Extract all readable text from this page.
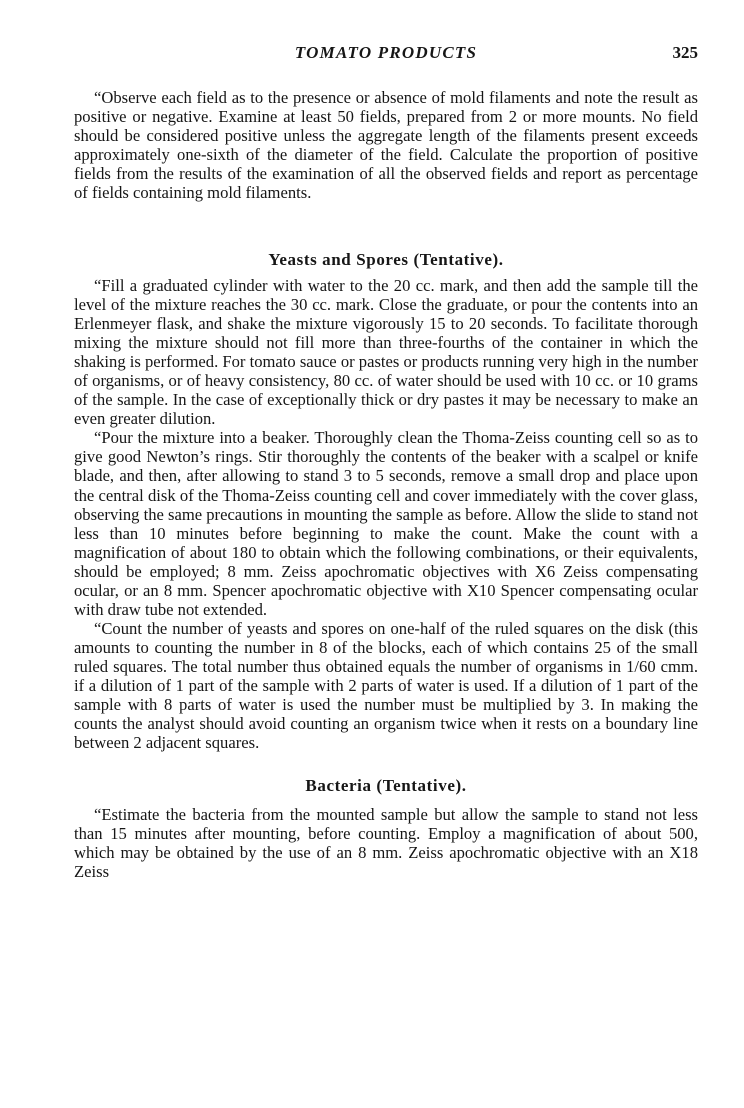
TOMATO PRODUCTS	325

“Observe each field as to the presence or absence of mold filaments and note the result as positive or negative. Examine at least 50 fields, prepared from 2 or more mounts. No field should be considered positive unless the aggregate length of the filaments present exceeds approximately one-sixth of the diameter of the field. Calculate the proportion of positive fields from the results of the examination of all the observed fields and report as percentage of fields containing mold filaments.

Yeasts and Spores (Tentative).

“Fill a graduated cylinder with water to the 20 cc. mark, and then add the sample till the level of the mixture reaches the 30 cc. mark. Close the graduate, or pour the contents into an Erlenmeyer flask, and shake the mixture vigorously 15 to 20 seconds. To facilitate thorough mixing the mixture should not fill more than three-fourths of the container in which the shaking is performed. For tomato sauce or pastes or products running very high in the number of organisms, or of heavy consistency, 80 cc. of water should be used with 10 cc. or 10 grams of the sample. In the case of exceptionally thick or dry pastes it may be necessary to make an even greater dilution.

“Pour the mixture into a beaker. Thoroughly clean the Thoma-Zeiss counting cell so as to give good Newton’s rings. Stir thoroughly the contents of the beaker with a scalpel or knife blade, and then, after allowing to stand 3 to 5 seconds, remove a small drop and place upon the central disk of the Thoma-Zeiss counting cell and cover immediately with the cover glass, observing the same precautions in mounting the sample as before. Allow the slide to stand not less than 10 minutes before beginning to make the count. Make the count with a magnification of about 180 to obtain which the following combinations, or their equivalents, should be employed; 8 mm. Zeiss apochromatic objectives with X6 Zeiss compensating ocular, or an 8 mm. Spencer apochromatic objective with X10 Spencer compensating ocular with draw tube not extended.

“Count the number of yeasts and spores on one-half of the ruled squares on the disk (this amounts to counting the number in 8 of the blocks, each of which contains 25 of the small ruled squares. The total number thus obtained equals the number of organisms in 1/60 cmm. if a dilution of 1 part of the sample with 2 parts of water is used. If a dilution of 1 part of the sample with 8 parts of water is used the number must be multiplied by 3. In making the counts the analyst should avoid counting an organism twice when it rests on a boundary line between 2 adjacent squares.

Bacteria (Tentative).

“Estimate the bacteria from the mounted sample but allow the sample to stand not less than 15 minutes after mounting, before counting. Employ a magnification of about 500, which may be obtained by the use of an 8 mm. Zeiss apochromatic objective with an X18 Zeiss
